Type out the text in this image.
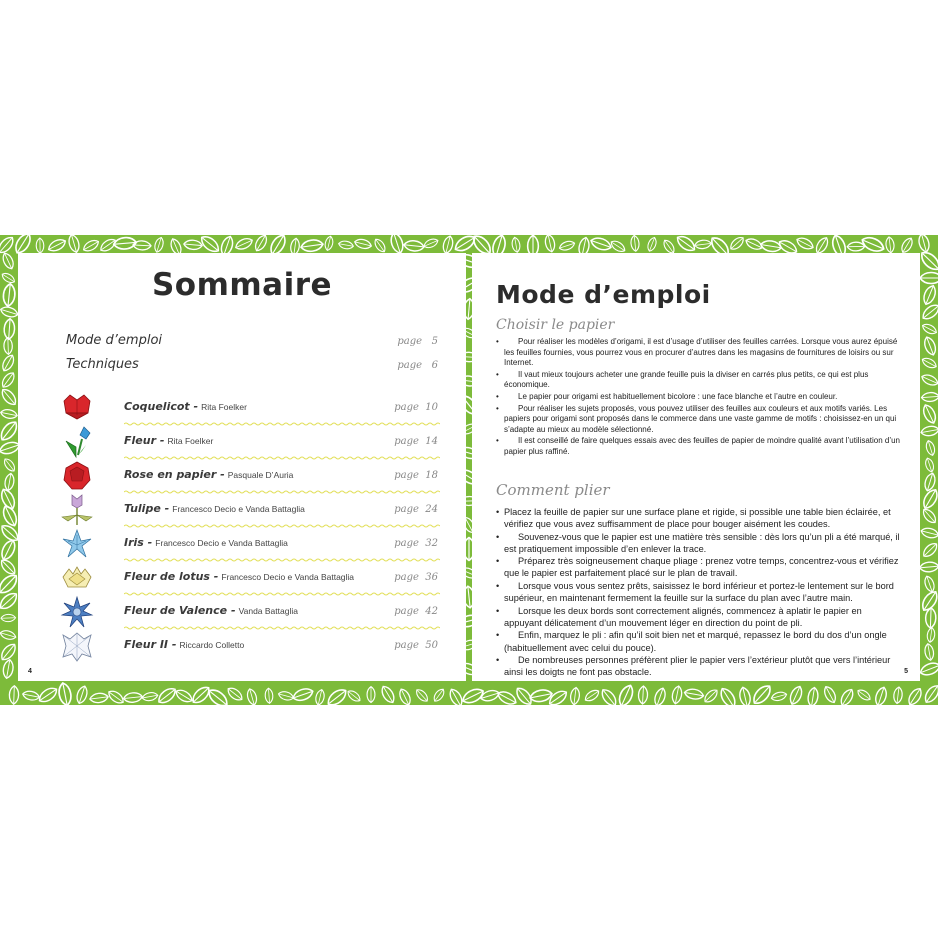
Sommaire
Mode d’emploi	page   5
Techniques	page   6
Coquelicot - Rita Foelker	page  10
Fleur - Rita Foelker	page  14
Rose en papier - Pasquale D’Auria	page  18
Tulipe - Francesco Decio e Vanda Battaglia	page  24
Iris - Francesco Decio e Vanda Battaglia	page  32
Fleur de lotus - Francesco Decio e Vanda Battaglia	page  36
Fleur de Valence - Vanda Battaglia	page  42
Fleur II - Riccardo Colletto	page  50
4
Mode d’emploi
Choisir le papier
• Pour réaliser les modèles d’origami, il est d’usage d’utiliser des feuilles carrées. Lorsque vous aurez épuisé les feuilles fournies, vous pourrez vous en procurer d’autres dans les magasins de fournitures de loisirs ou sur Internet.
• Il vaut mieux toujours acheter une grande feuille puis la diviser en carrés plus petits, ce qui est plus économique.
• Le papier pour origami est habituellement bicolore : une face blanche et l’autre en couleur.
• Pour réaliser les sujets proposés, vous pouvez utiliser des feuilles aux couleurs et aux motifs variés. Les papiers pour origami sont proposés dans le commerce dans une vaste gamme de motifs : choisissez-en un qui s’adapte au mieux au modèle sélectionné.
• Il est conseillé de faire quelques essais avec des feuilles de papier de moindre qualité avant l’utilisation d’un papier plus raffiné.
Comment plier
• Placez la feuille de papier sur une surface plane et rigide, si possible une table bien éclairée, et vérifiez que vous avez suffisamment de place pour bouger aisément les coudes.
• Souvenez-vous que le papier est une matière très sensible : dès lors qu’un pli a été marqué, il est pratiquement impossible d’en enlever la trace.
• Préparez très soigneusement chaque pliage : prenez votre temps, concentrez-vous et vérifiez que le papier est parfaitement placé sur le plan de travail.
• Lorsque vous vous sentez prêts, saisissez le bord inférieur et portez-le lentement sur le bord supérieur, en maintenant fermement la feuille sur la surface du plan avec l’autre main.
• Lorsque les deux bords sont correctement alignés, commencez à aplatir le papier en appuyant délicatement d’un mouvement léger en direction du point de pli.
• Enfin, marquez le pli : afin qu’il soit bien net et marqué, repassez le bord du dos d’un ongle (habituellement avec celui du pouce).
• De nombreuses personnes préfèrent plier le papier vers l’extérieur plutôt que vers l’intérieur ainsi les doigts ne font pas obstacle.	5
